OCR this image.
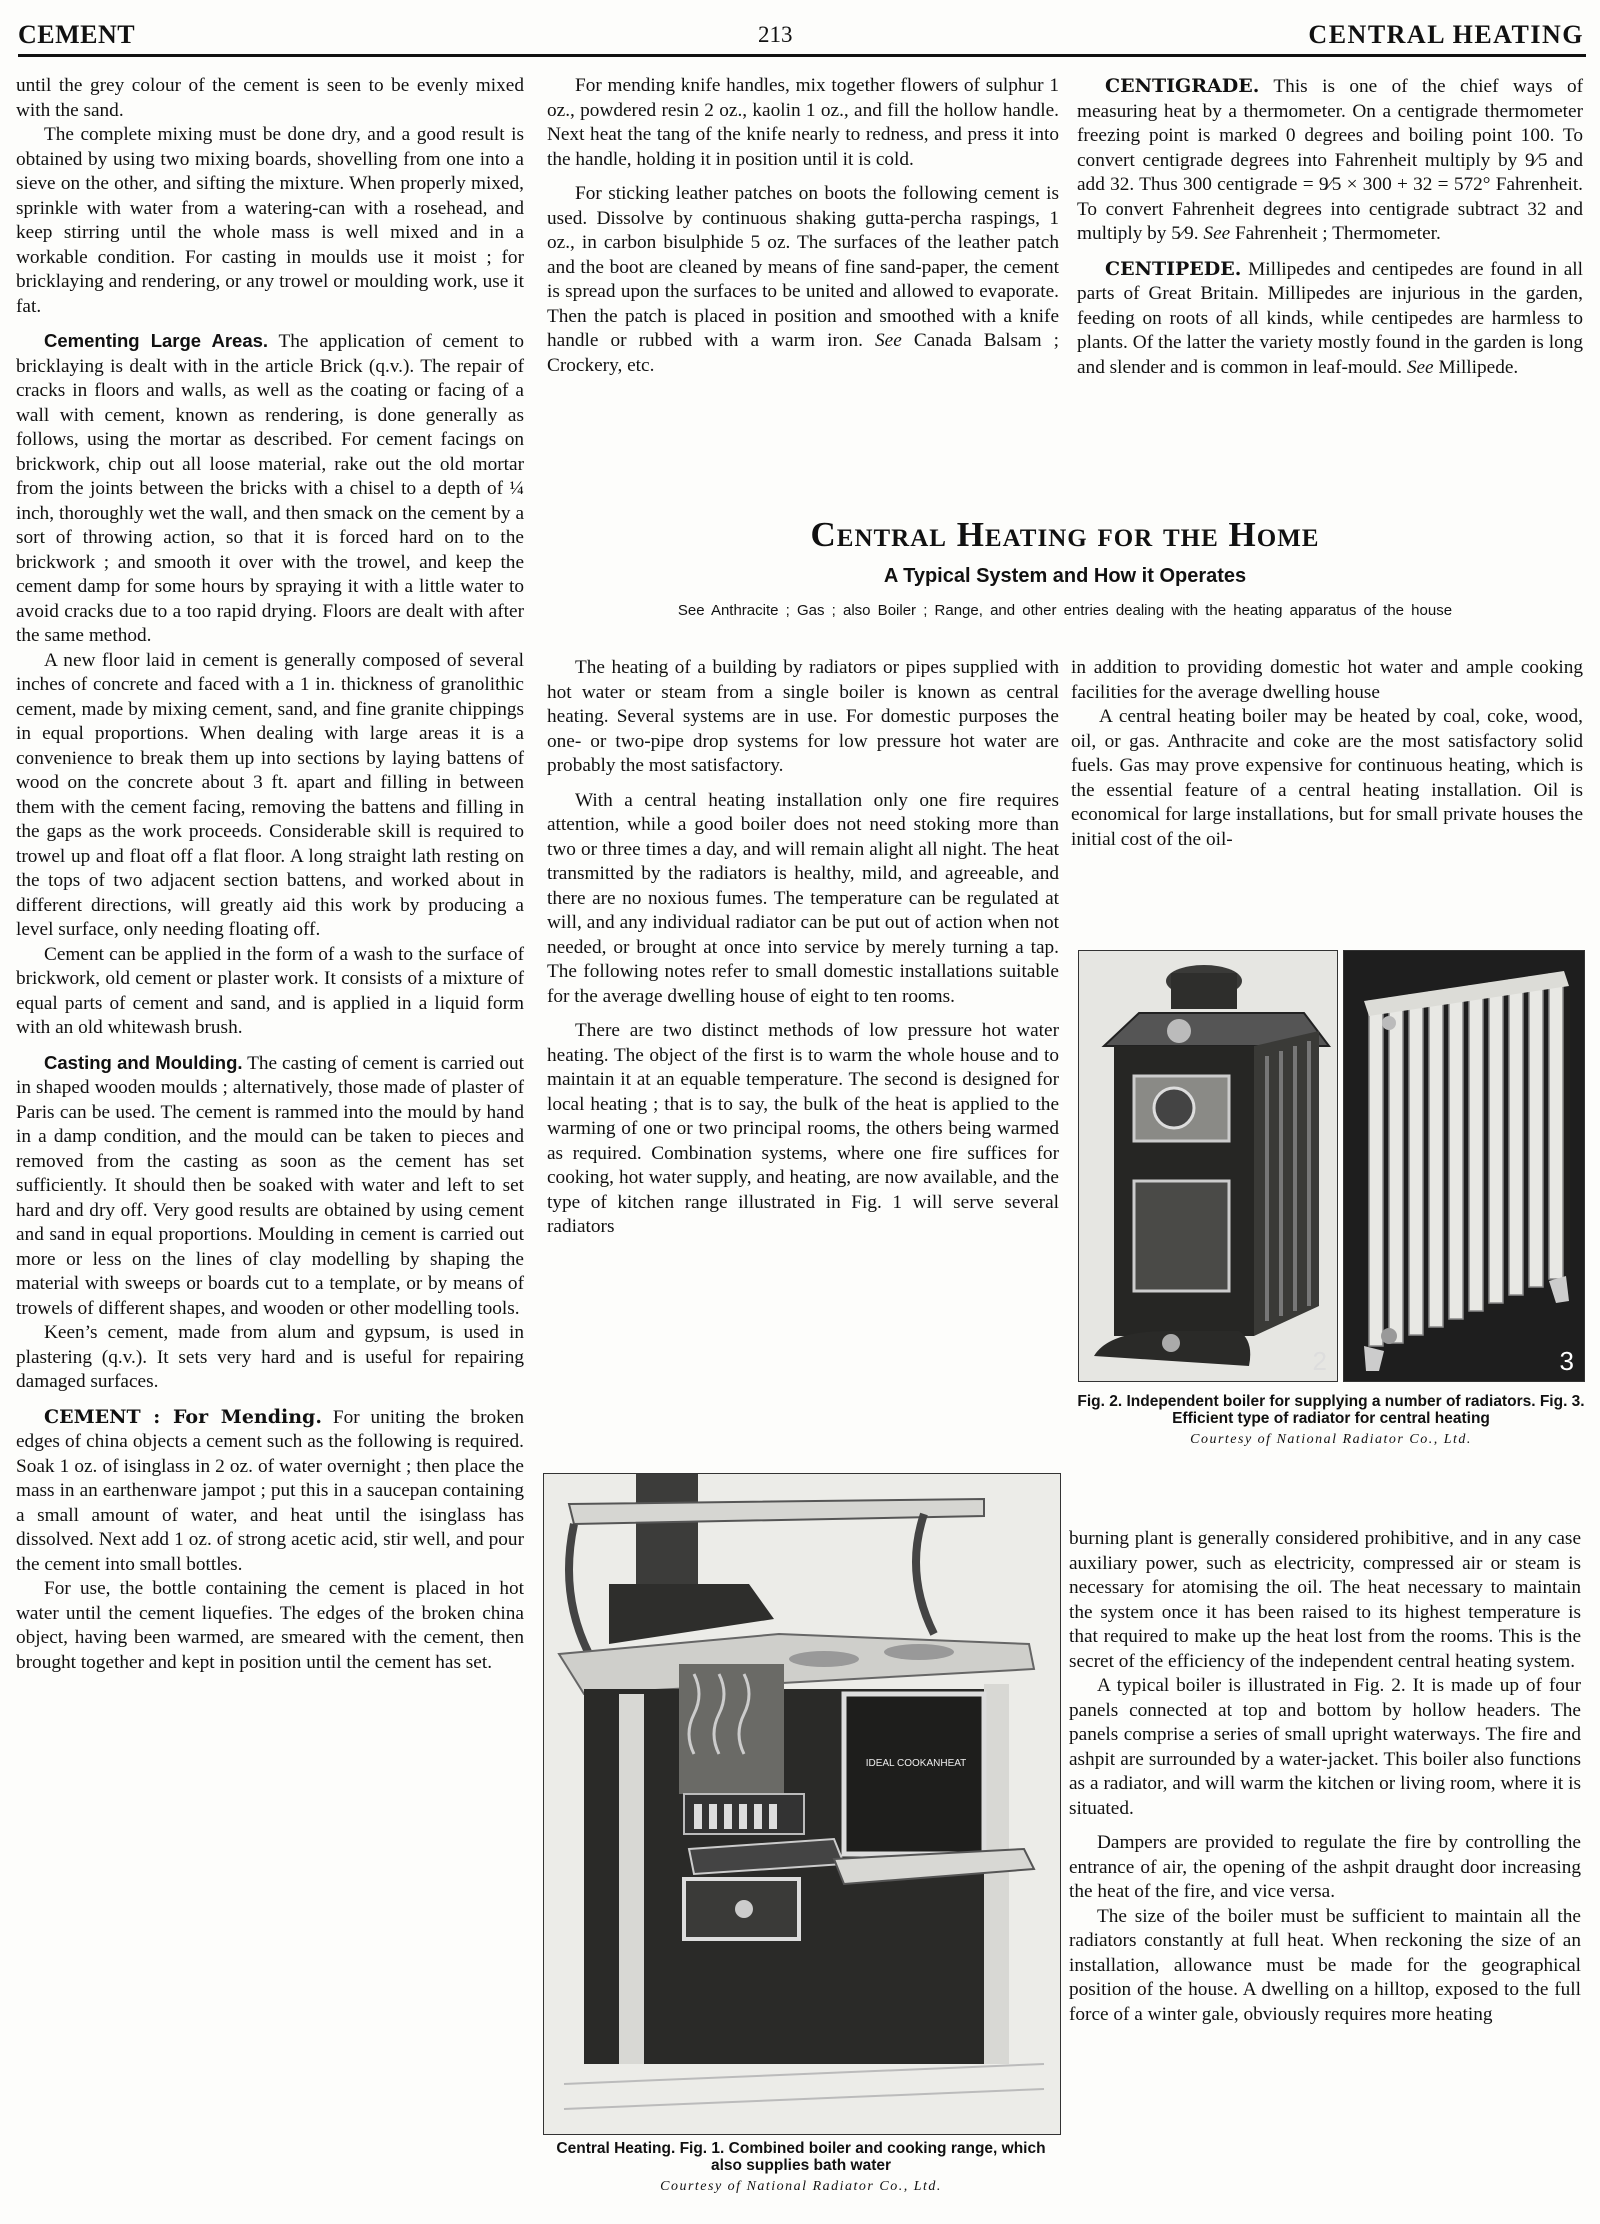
CEMENT	213	CENTRAL HEATING

until the grey colour of the cement is seen to be evenly mixed with the sand.

The complete mixing must be done dry, and a good result is obtained by using two mixing boards, shovelling from one into a sieve on the other, and sifting the mixture. When properly mixed, sprinkle with water from a watering-can with a rosehead, and keep stirring until the whole mass is well mixed and in a workable condition. For casting in moulds use it moist ; for bricklaying and rendering, or any trowel or moulding work, use it fat.

Cementing Large Areas. The application of cement to bricklaying is dealt with in the article Brick (q.v.). The repair of cracks in floors and walls, as well as the coating or facing of a wall with cement, known as rendering, is done generally as follows, using the mortar as described. For cement facings on brickwork, chip out all loose material, rake out the old mortar from the joints between the bricks with a chisel to a depth of ¼ inch, thoroughly wet the wall, and then smack on the cement by a sort of throwing action, so that it is forced hard on to the brickwork ; and smooth it over with the trowel, and keep the cement damp for some hours by spraying it with a little water to avoid cracks due to a too rapid drying. Floors are dealt with after the same method.

A new floor laid in cement is generally composed of several inches of concrete and faced with a 1 in. thickness of granolithic cement, made by mixing cement, sand, and fine granite chippings in equal proportions. When dealing with large areas it is a convenience to break them up into sections by laying battens of wood on the concrete about 3 ft. apart and filling in between them with the cement facing, removing the battens and filling in the gaps as the work proceeds. Considerable skill is required to trowel up and float off a flat floor. A long straight lath resting on the tops of two adjacent section battens, and worked about in different directions, will greatly aid this work by producing a level surface, only needing floating off.

Cement can be applied in the form of a wash to the surface of brickwork, old cement or plaster work. It consists of a mixture of equal parts of cement and sand, and is applied in a liquid form with an old whitewash brush.

Casting and Moulding. The casting of cement is carried out in shaped wooden moulds ; alternatively, those made of plaster of Paris can be used. The cement is rammed into the mould by hand in a damp condition, and the mould can be taken to pieces and removed from the casting as soon as the cement has set sufficiently. It should then be soaked with water and left to set hard and dry off. Very good results are obtained by using cement and sand in equal proportions. Moulding in cement is carried out more or less on the lines of clay modelling by shaping the material with sweeps or boards cut to a template, or by means of trowels of different shapes, and wooden or other modelling tools.

Keen’s cement, made from alum and gypsum, is used in plastering (q.v.). It sets very hard and is useful for repairing damaged surfaces.

CEMENT : For Mending. For uniting the broken edges of china objects a cement such as the following is required. Soak 1 oz. of isinglass in 2 oz. of water overnight ; then place the mass in an earthenware jampot ; put this in a saucepan containing a small amount of water, and heat until the isinglass has dissolved. Next add 1 oz. of strong acetic acid, stir well, and pour the cement into small bottles.

For use, the bottle containing the cement is placed in hot water until the cement liquefies. The edges of the broken china object, having been warmed, are smeared with the cement, then brought together and kept in position until the cement has set.

For mending knife handles, mix together flowers of sulphur 1 oz., powdered resin 2 oz., kaolin 1 oz., and fill the hollow handle. Next heat the tang of the knife nearly to redness, and press it into the handle, holding it in position until it is cold.

For sticking leather patches on boots the following cement is used. Dissolve by continuous shaking gutta-percha raspings, 1 oz., in carbon bisulphide 5 oz. The surfaces of the leather patch and the boot are cleaned by means of fine sand-paper, the cement is spread upon the surfaces to be united and allowed to evaporate. Then the patch is placed in position and smoothed with a knife handle or rubbed with a warm iron. See Canada Balsam ; Crockery, etc.

CENTIGRADE. This is one of the chief ways of measuring heat by a thermometer. On a centigrade thermometer freezing point is marked 0 degrees and boiling point 100. To convert centigrade degrees into Fahrenheit multiply by 9⁄5 and add 32. Thus 300 centigrade = 9⁄5 × 300 + 32 = 572° Fahrenheit. To convert Fahrenheit degrees into centigrade subtract 32 and multiply by 5⁄9. See Fahrenheit ; Thermometer.

CENTIPEDE. Millipedes and centipedes are found in all parts of Great Britain. Millipedes are injurious in the garden, feeding on roots of all kinds, while centipedes are harmless to plants. Of the latter the variety mostly found in the garden is long and slender and is common in leaf-mould. See Millipede.

Central Heating for the Home
A Typical System and How it Operates
See Anthracite ; Gas ; also Boiler ; Range, and other entries dealing with the heating apparatus of the house

The heating of a building by radiators or pipes supplied with hot water or steam from a single boiler is known as central heating. Several systems are in use. For domestic purposes the one- or two-pipe drop systems for low pressure hot water are probably the most satisfactory.

With a central heating installation only one fire requires attention, while a good boiler does not need stoking more than two or three times a day, and will remain alight all night. The heat transmitted by the radiators is healthy, mild, and agreeable, and there are no noxious fumes. The temperature can be regulated at will, and any individual radiator can be put out of action when not needed, or brought at once into service by merely turning a tap. The following notes refer to small domestic installations suitable for the average dwelling house of eight to ten rooms.

There are two distinct methods of low pressure hot water heating. The object of the first is to warm the whole house and to maintain it at an equable temperature. The second is designed for local heating ; that is to say, the bulk of the heat is applied to the warming of one or two principal rooms, the others being warmed as required. Combination systems, where one fire suffices for cooking, hot water supply, and heating, are now available, and the type of kitchen range illustrated in Fig. 1 will serve several radiators

in addition to providing domestic hot water and ample cooking facilities for the average dwelling house

A central heating boiler may be heated by coal, coke, wood, oil, or gas. Anthracite and coke are the most satisfactory solid fuels. Gas may prove expensive for continuous heating, which is the essential feature of a central heating installation. Oil is economical for large installations, but for small private houses the initial cost of the oil-

2	3
Fig. 2. Independent boiler for supplying a number of radiators. Fig. 3. Efficient type of radiator for central heating
Courtesy of National Radiator Co., Ltd.

burning plant is generally considered prohibitive, and in any case auxiliary power, such as electricity, compressed air or steam is necessary for atomising the oil. The heat necessary to maintain the system once it has been raised to its highest temperature is that required to make up the heat lost from the rooms. This is the secret of the efficiency of the independent central heating system.

A typical boiler is illustrated in Fig. 2. It is made up of four panels connected at top and bottom by hollow headers. The panels comprise a series of small upright waterways. The fire and ashpit are surrounded by a water-jacket. This boiler also functions as a radiator, and will warm the kitchen or living room, where it is situated.

Dampers are provided to regulate the fire by controlling the entrance of air, the opening of the ashpit draught door increasing the heat of the fire, and vice versa.

The size of the boiler must be sufficient to maintain all the radiators constantly at full heat. When reckoning the size of an installation, allowance must be made for the geographical position of the house. A dwelling on a hilltop, exposed to the full force of a winter gale, obviously requires more heating

IDEAL COOKANHEAT
Central Heating. Fig. 1. Combined boiler and cooking range, which also supplies bath water
Courtesy of National Radiator Co., Ltd.
